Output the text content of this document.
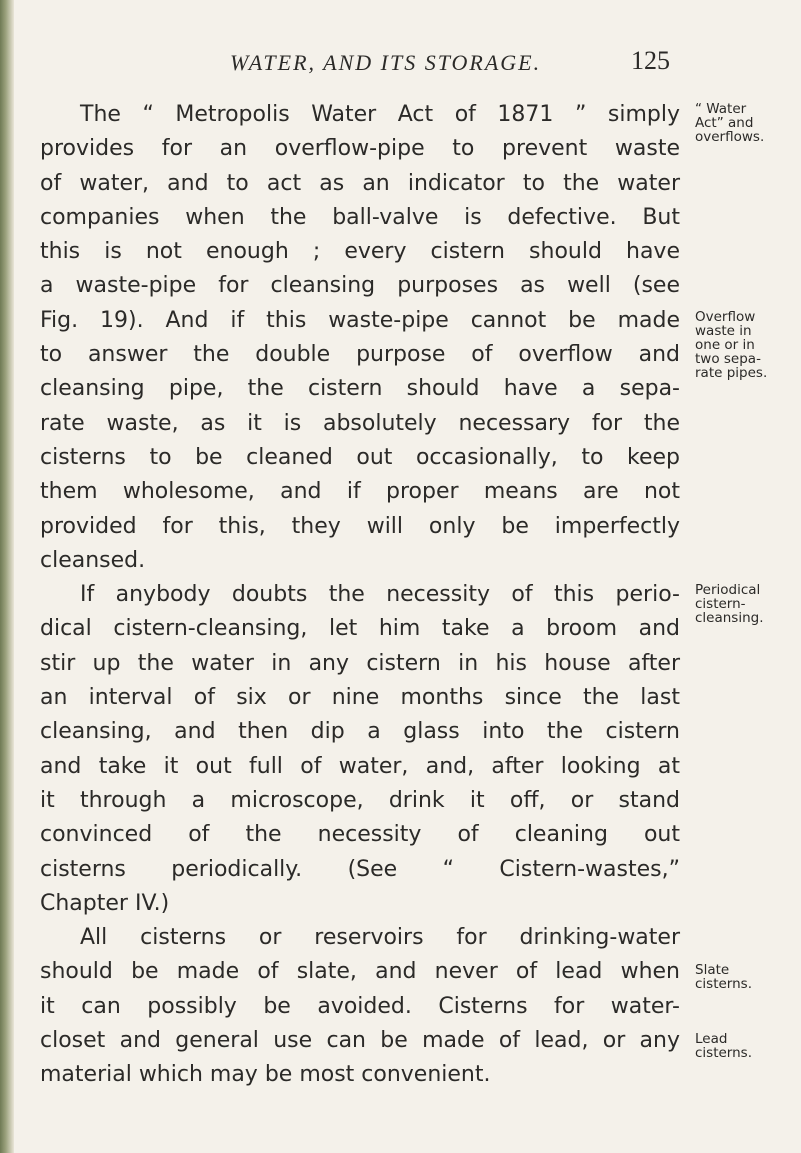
WATER, AND ITS STORAGE.	125
The “ Metropolis Water Act of 1871 ” simply
provides for an overflow-pipe to prevent waste
of water, and to act as an indicator to the water
companies when the ball-valve is defective. But
this is not enough ; every cistern should have
a waste-pipe for cleansing purposes as well (see
Fig. 19). And if this waste-pipe cannot be made
to answer the double purpose of overflow and
cleansing pipe, the cistern should have a sepa-
rate waste, as it is absolutely necessary for the
cisterns to be cleaned out occasionally, to keep
them wholesome, and if proper means are not
provided for this, they will only be imperfectly
cleansed.
If anybody doubts the necessity of this perio-
dical cistern-cleansing, let him take a broom and
stir up the water in any cistern in his house after
an interval of six or nine months since the last
cleansing, and then dip a glass into the cistern
and take it out full of water, and, after looking at
it through a microscope, drink it off, or stand
convinced of the necessity of cleaning out
cisterns periodically. (See “ Cistern-wastes,”
Chapter IV.)
All cisterns or reservoirs for drinking-water
should be made of slate, and never of lead when
it can possibly be avoided. Cisterns for water-
closet and general use can be made of lead, or any
material which may be most convenient.
“ Water
Act” and
overflows.
Overflow
waste in
one or in
two sepa-
rate pipes.
Periodical
cistern-
cleansing.
Slate
cisterns.
Lead
cisterns.
